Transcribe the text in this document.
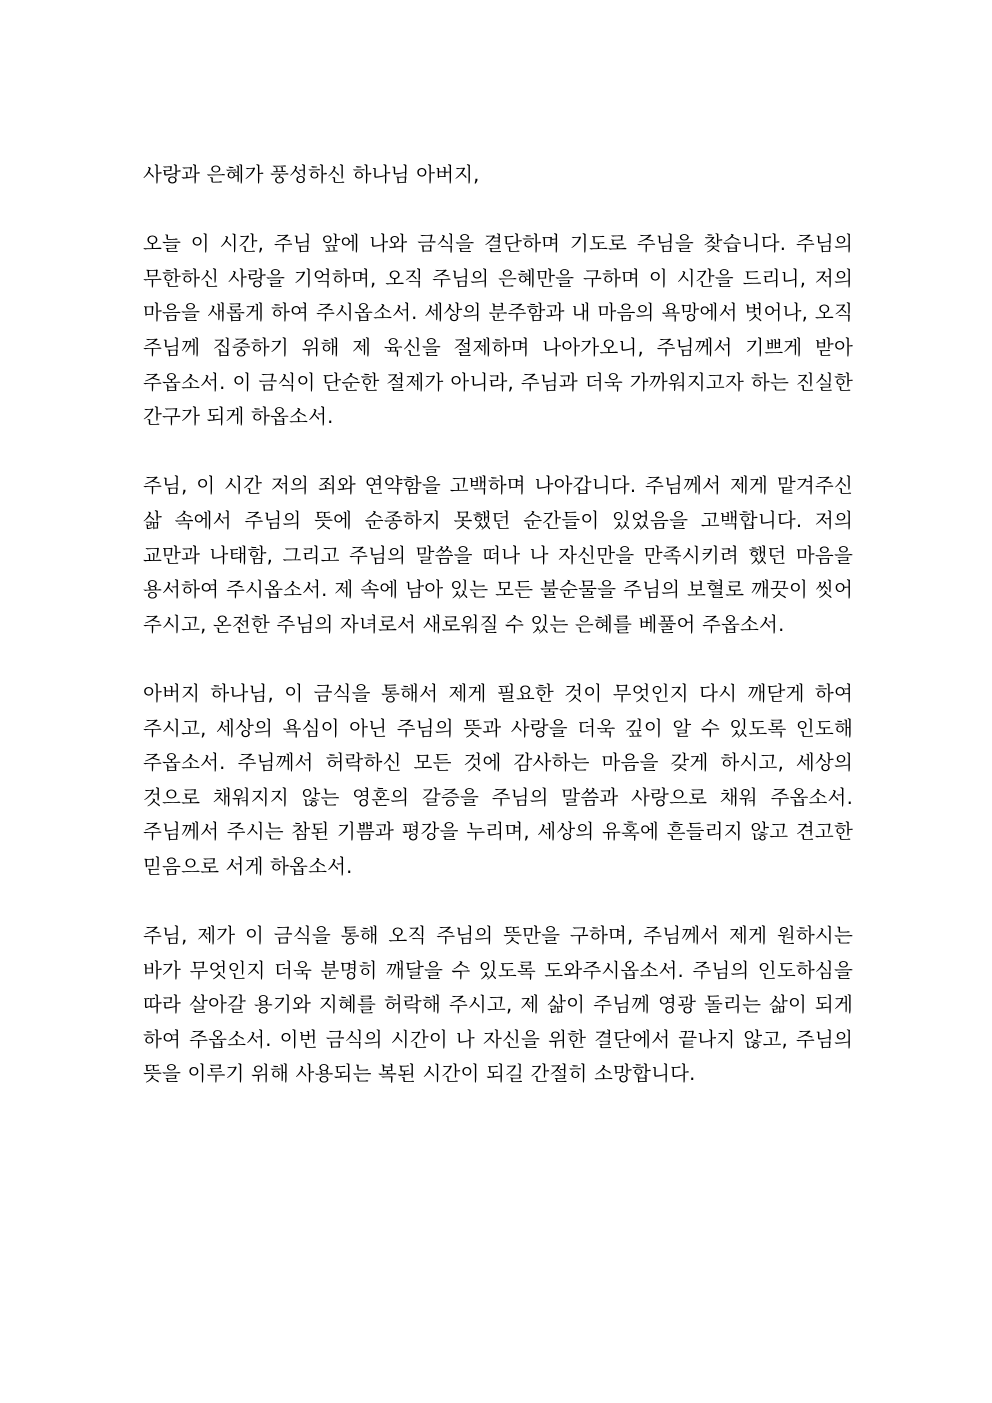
사랑과 은혜가 풍성하신 하나님 아버지,

오늘 이 시간, 주님 앞에 나와 금식을 결단하며 기도로 주님을 찾습니다. 주님의 무한하신 사랑을 기억하며, 오직 주님의 은혜만을 구하며 이 시간을 드리니, 저의 마음을 새롭게 하여 주시옵소서. 세상의 분주함과 내 마음의 욕망에서 벗어나, 오직 주님께 집중하기 위해 제 육신을 절제하며 나아가오니, 주님께서 기쁘게 받아 주옵소서. 이 금식이 단순한 절제가 아니라, 주님과 더욱 가까워지고자 하는 진실한 간구가 되게 하옵소서.

주님, 이 시간 저의 죄와 연약함을 고백하며 나아갑니다. 주님께서 제게 맡겨주신 삶 속에서 주님의 뜻에 순종하지 못했던 순간들이 있었음을 고백합니다. 저의 교만과 나태함, 그리고 주님의 말씀을 떠나 나 자신만을 만족시키려 했던 마음을 용서하여 주시옵소서. 제 속에 남아 있는 모든 불순물을 주님의 보혈로 깨끗이 씻어 주시고, 온전한 주님의 자녀로서 새로워질 수 있는 은혜를 베풀어 주옵소서.

아버지 하나님, 이 금식을 통해서 제게 필요한 것이 무엇인지 다시 깨닫게 하여 주시고, 세상의 욕심이 아닌 주님의 뜻과 사랑을 더욱 깊이 알 수 있도록 인도해 주옵소서. 주님께서 허락하신 모든 것에 감사하는 마음을 갖게 하시고, 세상의 것으로 채워지지 않는 영혼의 갈증을 주님의 말씀과 사랑으로 채워 주옵소서. 주님께서 주시는 참된 기쁨과 평강을 누리며, 세상의 유혹에 흔들리지 않고 견고한 믿음으로 서게 하옵소서.

주님, 제가 이 금식을 통해 오직 주님의 뜻만을 구하며, 주님께서 제게 원하시는 바가 무엇인지 더욱 분명히 깨달을 수 있도록 도와주시옵소서. 주님의 인도하심을 따라 살아갈 용기와 지혜를 허락해 주시고, 제 삶이 주님께 영광 돌리는 삶이 되게 하여 주옵소서. 이번 금식의 시간이 나 자신을 위한 결단에서 끝나지 않고, 주님의 뜻을 이루기 위해 사용되는 복된 시간이 되길 간절히 소망합니다.
